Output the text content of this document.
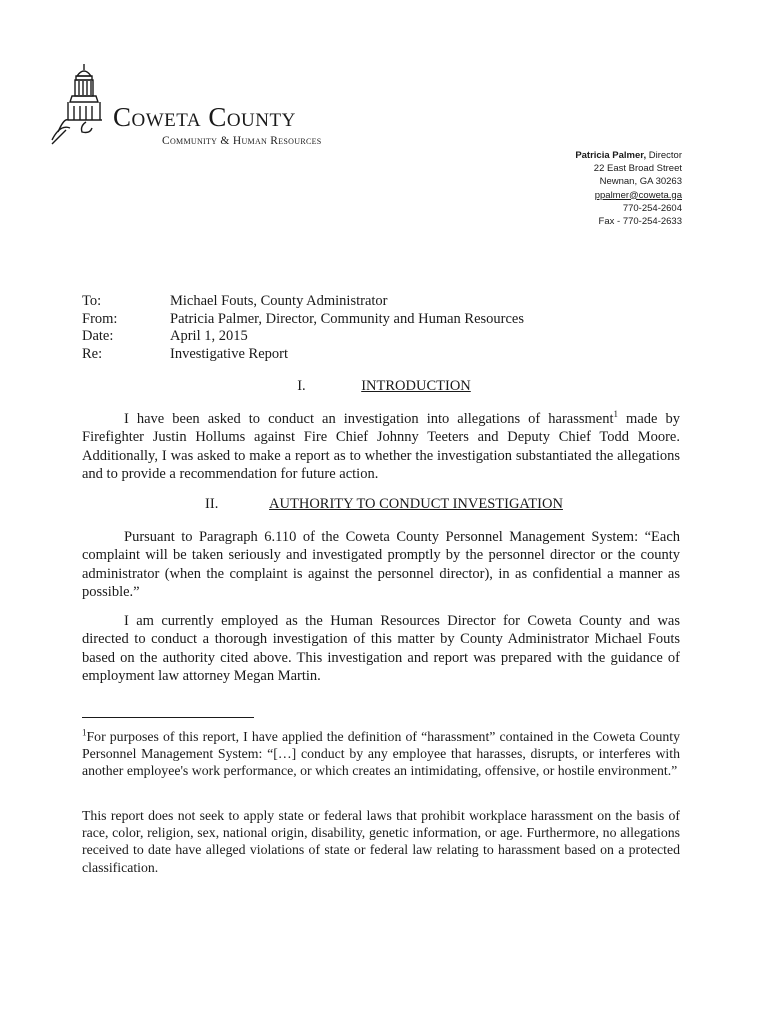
Coweta County
Community & Human Resources
Patricia Palmer, Director
22 East Broad Street
Newnan, GA 30263
ppalmer@coweta.ga
770-254-2604
Fax - 770-254-2633
To:	Michael Fouts, County Administrator
From:	Patricia Palmer, Director, Community and Human Resources
Date:	April 1, 2015
Re:	Investigative Report
I.	INTRODUCTION
I have been asked to conduct an investigation into allegations of harassment$^1$ made by Firefighter Justin Hollums against Fire Chief Johnny Teeters and Deputy Chief Todd Moore. Additionally, I was asked to make a report as to whether the investigation substantiated the allegations and to provide a recommendation for future action.
II.	AUTHORITY TO CONDUCT INVESTIGATION
Pursuant to Paragraph 6.110 of the Coweta County Personnel Management System: “Each complaint will be taken seriously and investigated promptly by the personnel director or the county administrator (when the complaint is against the personnel director), in as confidential a manner as possible.”
I am currently employed as the Human Resources Director for Coweta County and was directed to conduct a thorough investigation of this matter by County Administrator Michael Fouts based on the authority cited above. This investigation and report was prepared with the guidance of employment law attorney Megan Martin.
$^1$For purposes of this report, I have applied the definition of “harassment” contained in the Coweta County Personnel Management System: “[…] conduct by any employee that harasses, disrupts, or interferes with another employee's work performance, or which creates an intimidating, offensive, or hostile environment.”
This report does not seek to apply state or federal laws that prohibit workplace harassment on the basis of race, color, religion, sex, national origin, disability, genetic information, or age. Furthermore, no allegations received to date have alleged violations of state or federal law relating to harassment based on a protected classification.
